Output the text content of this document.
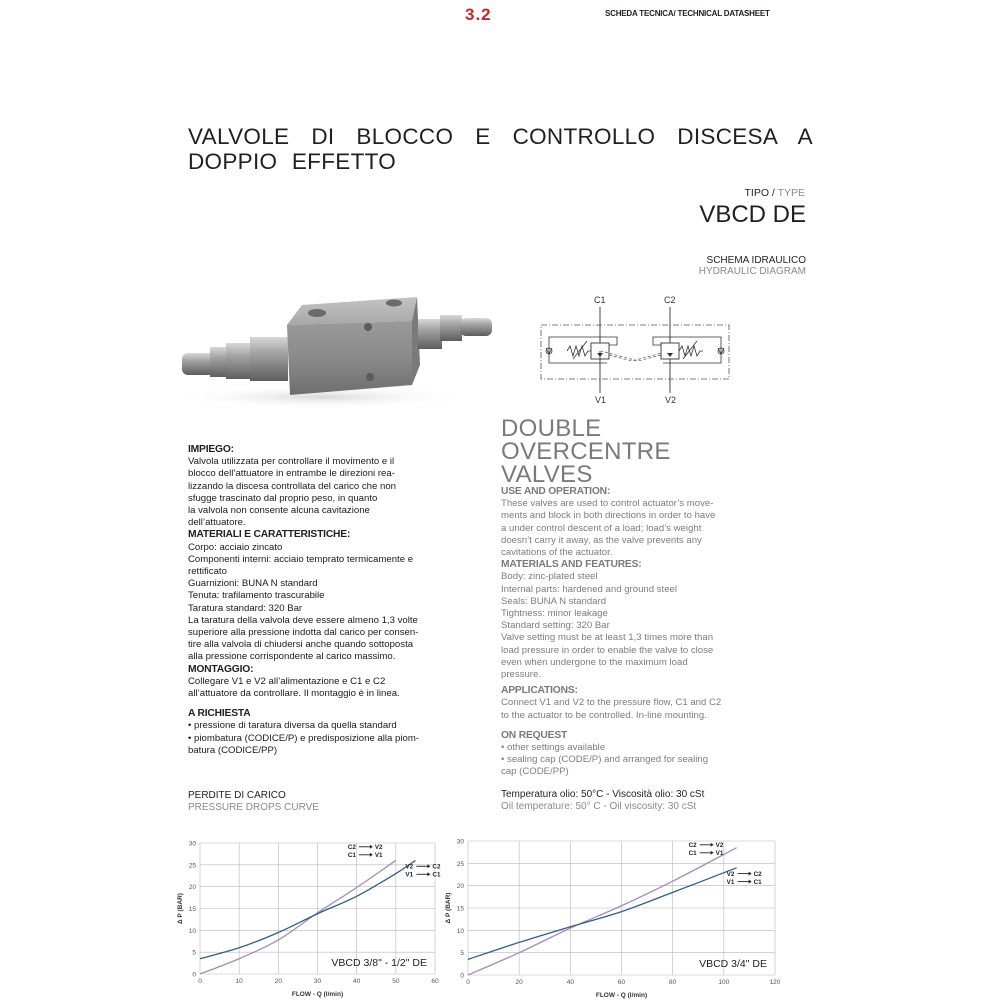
3.2	SCHEDA TECNICA/ TECHNICAL DATASHEET
VALVOLE DI BLOCCO E CONTROLLO DISCESA A DOPPIO EFFETTO
TIPO / TYPE
VBCD DE
SCHEMA IDRAULICO
HYDRAULIC DIAGRAM
C1	C2
V1	V2
IMPIEGO:
Valvola utilizzata per controllare il movimento e il
blocco dell’attuatore in entrambe le direzioni rea-
lizzando la discesa controllata del carico che non
sfugge trascinato dal proprio peso, in quanto
la valvola non consente alcuna cavitazione
dell’attuatore.
MATERIALI E CARATTERISTICHE:
Corpo: acciaio zincato
Componenti interni: acciaio temprato termicamente e
rettificato
Guarnizioni: BUNA N standard
Tenuta: trafilamento trascurabile
Taratura standard: 320 Bar
La taratura della valvola deve essere almeno 1,3 volte
superiore alla pressione indotta dal carico per consen-
tire alla valvola di chiudersi anche quando sottoposta
alla pressione corrispondente al carico massimo.
MONTAGGIO:
Collegare V1 e V2 all’alimentazione e C1 e C2
all’attuatore da controllare. Il montaggio è in linea.
A RICHIESTA
• pressione di taratura diversa da quella standard
• piombatura (CODICE/P) e predisposizione alla piom-
batura (CODICE/PP)
PERDITE DI CARICO
PRESSURE DROPS CURVE
DOUBLE OVERCENTRE
VALVES
USE AND OPERATION:
These valves are used to control actuator’s move-
ments and block in both directions in order to have
a under control descent of a load; load’s weight
doesn’t carry it away, as the valve prevents any
cavitations of the actuator.
MATERIALS AND FEATURES:
Body: zinc-plated steel
Internal parts: hardened and ground steel
Seals: BUNA N standard
Tightness: minor leakage
Standard setting: 320 Bar
Valve setting must be at least 1,3 times more than
load pressure in order to enable the valve to close
even when undergone to the maximum load
pressure.
APPLICATIONS:
Connect V1 and V2 to the pressure flow, C1 and C2
to the actuator to be controlled. In-line mounting.
ON REQUEST
• other settings available
• sealing cap (CODE/P) and arranged for sealing
cap (CODE/PP)
Temperatura olio: 50°C - Viscosità olio: 30 cSt
Oil temperature: 50° C - Oil viscosity: 30 cSt
0
5
10
15
20
25
30
0	10	20	30	40	50	60
FLOW - Q (l/min)
Δ P (BAR)
C2	V2
C1	V1
V2	C2
V1	C1
VBCD 3/8" - 1/2" DE
0
5
10
15
20
25
30
0	20	40	60	80	100	120
FLOW - Q (l/min)
Δ P (BAR)
C2	V2
C1	V1
V2	C2
V1	C1
VBCD 3/4" DE
